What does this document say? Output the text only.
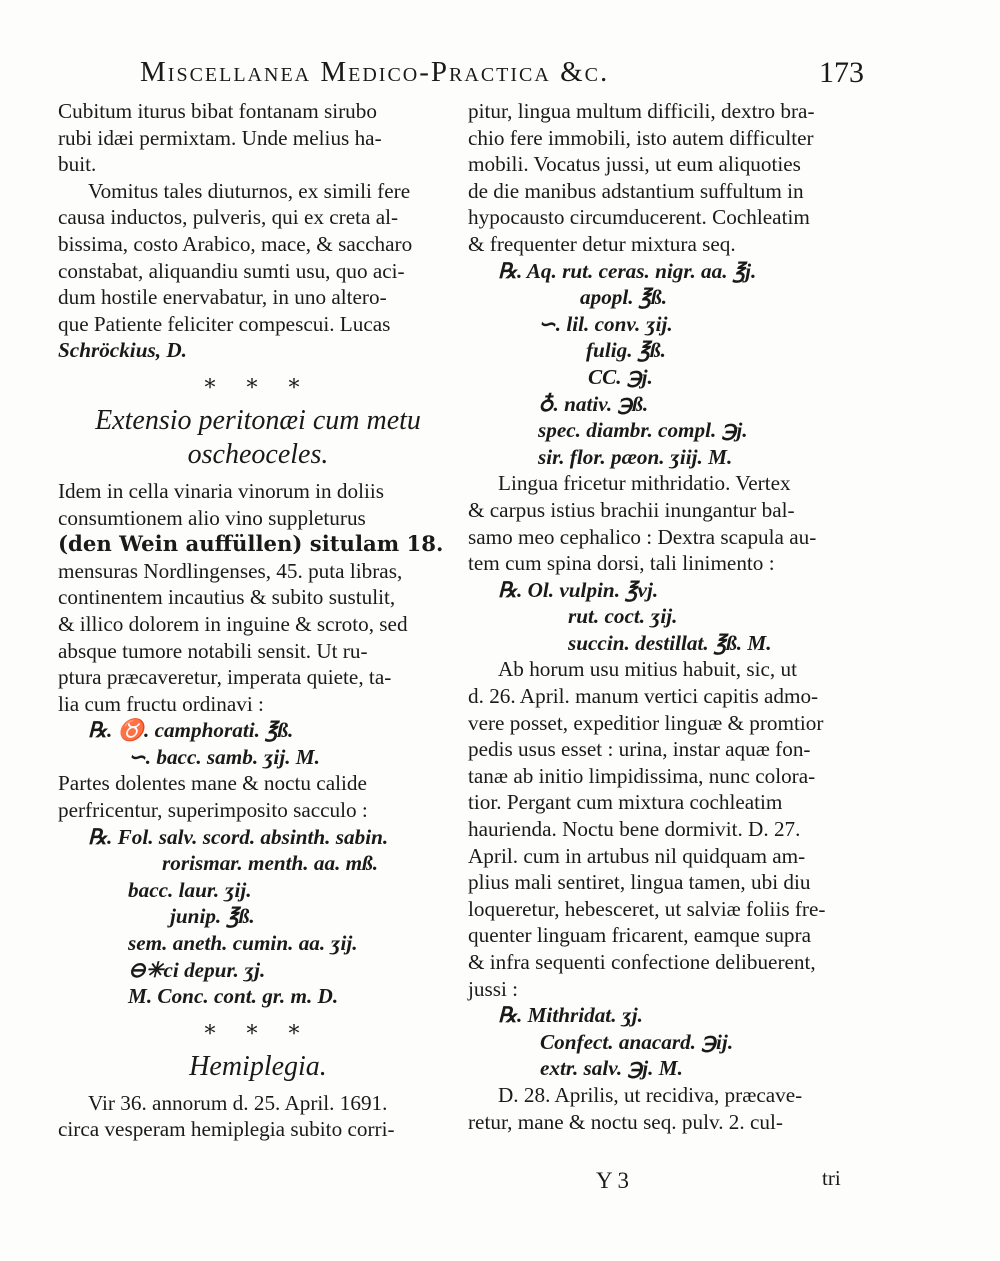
Miscellanea Medico-Practica &c.	173
Cubitum iturus bibat fontanam sirubo
rubi idæi permixtam. Unde melius ha-
buit.
Vomitus tales diuturnos, ex simili fere
causa inductos, pulveris, qui ex creta al-
bissima, costo Arabico, mace, & saccharo
constabat, aliquandiu sumti usu, quo aci-
dum hostile enervabatur, in uno altero-
que Patiente feliciter compescui. Lucas
Schröckius, D.
* * *
Extensio peritonæi cum metu
oscheoceles.
Idem in cella vinaria vinorum in doliis
consumtionem alio vino suppleturus
(den Wein auffüllen) situlam 18.
mensuras Nordlingenses, 45. puta libras,
continentem incautius & subito sustulit,
& illico dolorem in inguine & scroto, sed
absque tumore notabili sensit. Ut ru-
ptura præcaveretur, imperata quiete, ta-
lia cum fructu ordinavi :
℞. ♉. camphorati. ℥ß.
∽. bacc. samb. ʒij. M.
Partes dolentes mane & noctu calide
perfricentur, superimposito sacculo :
℞. Fol. salv. scord. absinth. sabin.
rorismar. menth. aa. mß.
bacc. laur. ʒij.
junip. ℥ß.
sem. aneth. cumin. aa. ʒij.
⊖✳ci depur. ʒj.
M. Conc. cont. gr. m. D.
* * *
Hemiplegia.
Vir 36. annorum d. 25. April. 1691.
circa vesperam hemiplegia subito corri-
pitur, lingua multum difficili, dextro bra-
chio fere immobili, isto autem difficulter
mobili. Vocatus jussi, ut eum aliquoties
de die manibus adstantium suffultum in
hypocausto circumducerent. Cochleatim
& frequenter detur mixtura seq.
℞. Aq. rut. ceras. nigr. aa. ℥j.
apopl. ℥ß.
∽. lil. conv. ʒij.
fulig. ℥ß.
CC. ℈j.
♁. nativ. ℈ß.
spec. diambr. compl. ℈j.
sir. flor. pæon. ʒiij. M.
Lingua fricetur mithridatio. Vertex
& carpus istius brachii inungantur bal-
samo meo cephalico : Dextra scapula au-
tem cum spina dorsi, tali linimento :
℞. Ol. vulpin. ℥vj.
rut. coct. ʒij.
succin. destillat. ℥ß. M.
Ab horum usu mitius habuit, sic, ut
d. 26. April. manum vertici capitis admo-
vere posset, expeditior linguæ & promtior
pedis usus esset : urina, instar aquæ fon-
tanæ ab initio limpidissima, nunc colora-
tior. Pergant cum mixtura cochleatim
haurienda. Noctu bene dormivit. D. 27.
April. cum in artubus nil quidquam am-
plius mali sentiret, lingua tamen, ubi diu
loqueretur, hebesceret, ut salviæ foliis fre-
quenter linguam fricarent, eamque supra
& infra sequenti confectione delibuerent,
jussi :
℞. Mithridat. ʒj.
Confect. anacard. ℈ij.
extr. salv. ℈j. M.
D. 28. Aprilis, ut recidiva, præcave-
retur, mane & noctu seq. pulv. 2. cul-
Y 3	tri
